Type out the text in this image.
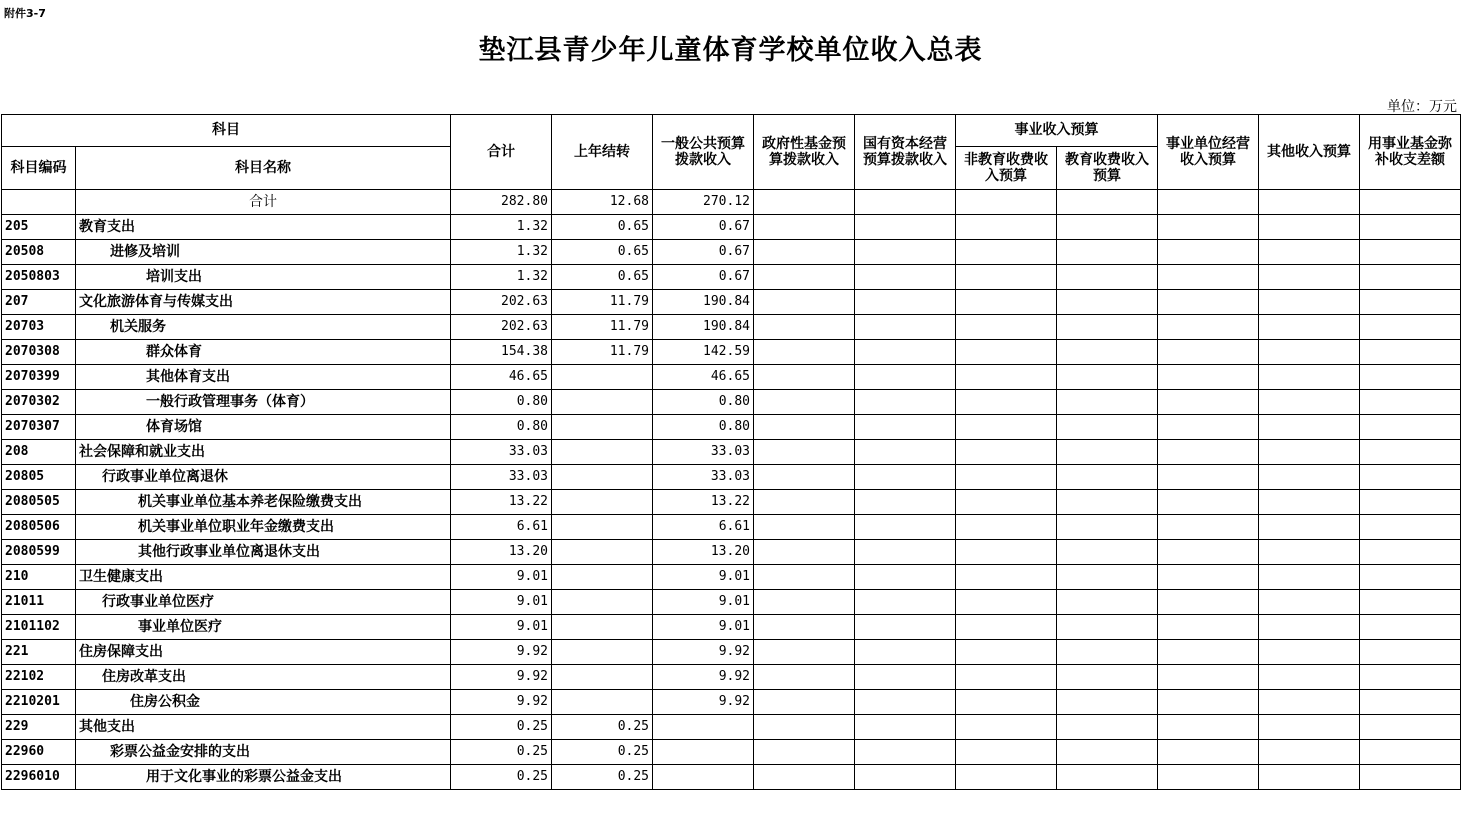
附件3-7
垫江县青少年儿童体育学校单位收入总表
单位：万元
科目		合计	上年结转	一般公共预算拨款收入	政府性基金预算拨款收入	国有资本经营预算拨款收入	事业收入预算		事业单位经营收入预算	其他收入预算	用事业基金弥补收支差额
科目编码	科目名称						非教育收费收入预算	教育收费收入预算			
	合计	282.80	12.68	270.12							
205	教育支出	1.32	0.65	0.67							
20508	进修及培训	1.32	0.65	0.67							
2050803	培训支出	1.32	0.65	0.67							
207	文化旅游体育与传媒支出	202.63	11.79	190.84							
20703	机关服务	202.63	11.79	190.84							
2070308	群众体育	154.38	11.79	142.59							
2070399	其他体育支出	46.65		46.65							
2070302	一般行政管理事务（体育）	0.80		0.80							
2070307	体育场馆	0.80		0.80							
208	社会保障和就业支出	33.03		33.03							
20805	行政事业单位离退休	33.03		33.03							
2080505	机关事业单位基本养老保险缴费支出	13.22		13.22							
2080506	机关事业单位职业年金缴费支出	6.61		6.61							
2080599	其他行政事业单位离退休支出	13.20		13.20							
210	卫生健康支出	9.01		9.01							
21011	行政事业单位医疗	9.01		9.01							
2101102	事业单位医疗	9.01		9.01							
221	住房保障支出	9.92		9.92							
22102	住房改革支出	9.92		9.92							
2210201	住房公积金	9.92		9.92							
229	其他支出	0.25	0.25								
22960	彩票公益金安排的支出	0.25	0.25								
2296010	用于文化事业的彩票公益金支出	0.25	0.25								
